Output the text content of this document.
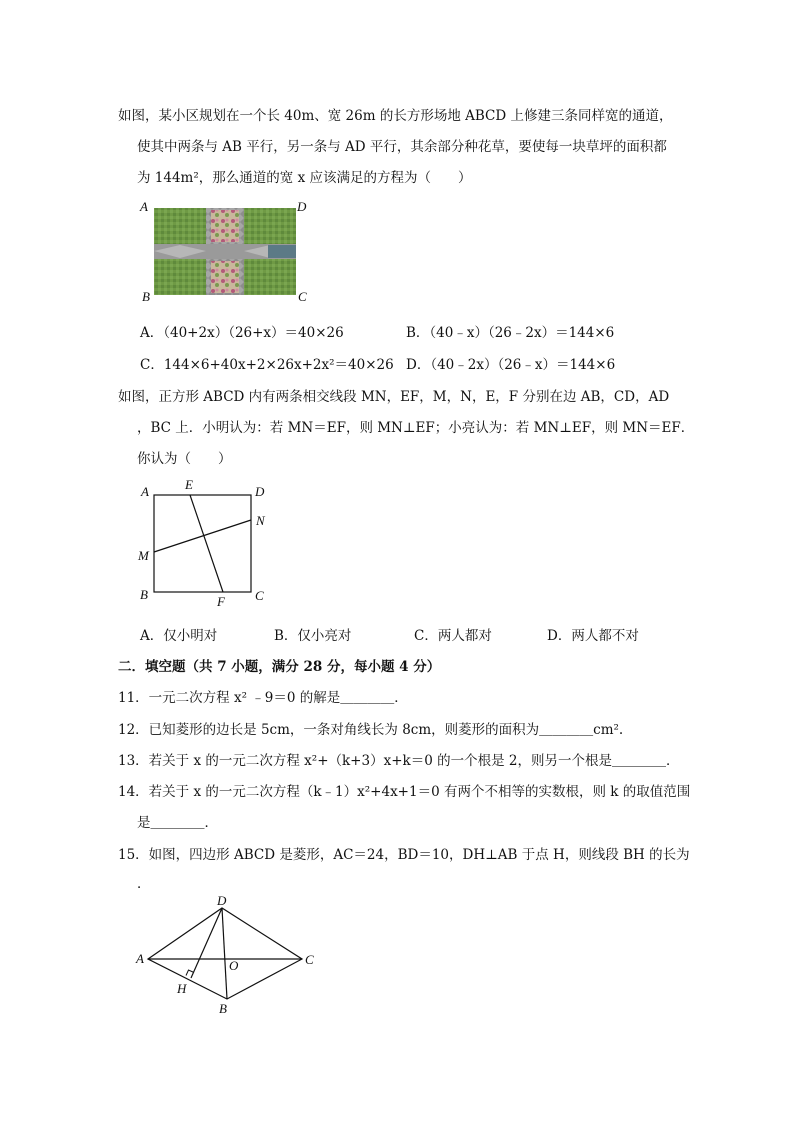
如图，某小区规划在一个长 40m、宽 26m 的长方形场地 ABCD 上修建三条同样宽的通道，
使其中两条与 AB 平行，另一条与 AD 平行，其余部分种花草，要使每一块草坪的面积都
为 144m²，那么通道的宽 x 应该满足的方程为（　　）
A	D
B	C
A．（40+2x）（26+x）＝40×26	B．（40﹣x）（26﹣2x）＝144×6
C．144×6+40x+2×26x+2x²＝40×26 D．（40﹣2x）（26﹣x）＝144×6
如图，正方形 ABCD 内有两条相交线段 MN，EF，M，N，E，F 分别在边 AB，CD，AD
，BC 上．小明认为：若 MN＝EF，则 MN⊥EF；小亮认为：若 MN⊥EF，则 MN＝EF．
你认为（　　）
A	E	D
N
M
B	C
F
A．仅小明对	B．仅小亮对	C．两人都对	D．两人都不对
二．填空题（共 7 小题，满分 28 分，每小题 4 分）
11．一元二次方程 x² ﹣9＝0 的解是＿＿＿＿．
12．已知菱形的边长是 5cm，一条对角线长为 8cm，则菱形的面积为＿＿＿＿cm².
13．若关于 x 的一元二次方程 x²+（k+3）x+k＝0 的一个根是 2，则另一个根是＿＿＿＿．
14．若关于 x 的一元二次方程（k﹣1）x²+4x+1＝0 有两个不相等的实数根，则 k 的取值范围
是＿＿＿＿．
15．如图，四边形 ABCD 是菱形，AC＝24，BD＝10，DH⊥AB 于点 H，则线段 BH 的长为
．
D
A	C
O
H
B
